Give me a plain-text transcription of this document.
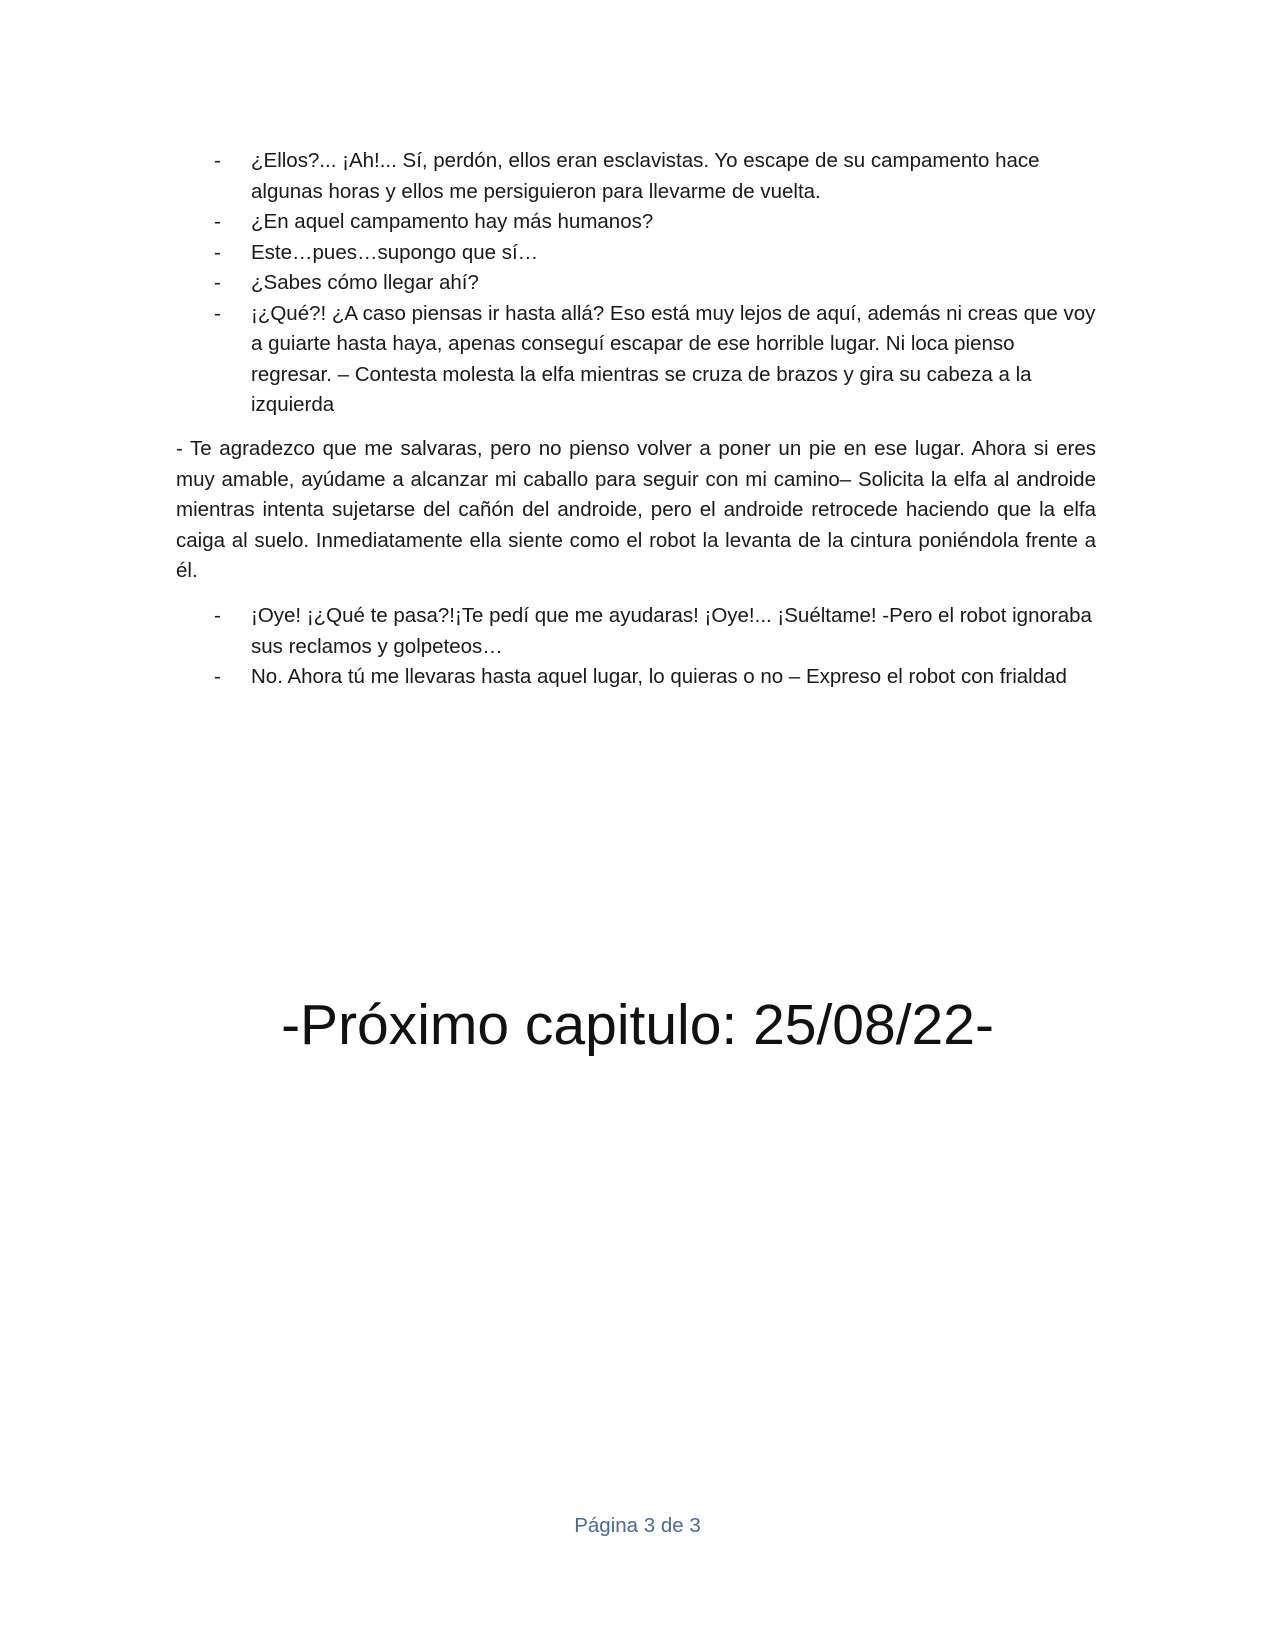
- ¿Ellos?... ¡Ah!... Sí, perdón, ellos eran esclavistas. Yo escape de su campamento hace algunas horas y ellos me persiguieron para llevarme de vuelta.
- ¿En aquel campamento hay más humanos?
- Este…pues…supongo que sí…
- ¿Sabes cómo llegar ahí?
- ¡¿Qué?! ¿A caso piensas ir hasta allá? Eso está muy lejos de aquí, además ni creas que voy a guiarte hasta haya, apenas conseguí escapar de ese horrible lugar. Ni loca pienso regresar. – Contesta molesta la elfa mientras se cruza de brazos y gira su cabeza a la izquierda

- Te agradezco que me salvaras, pero no pienso volver a poner un pie en ese lugar. Ahora si eres muy amable, ayúdame a alcanzar mi caballo para seguir con mi camino– Solicita la elfa al androide mientras intenta sujetarse del cañón del androide, pero el androide retrocede haciendo que la elfa caiga al suelo. Inmediatamente ella siente como el robot la levanta de la cintura poniéndola frente a él.

- ¡Oye! ¡¿Qué te pasa?!¡Te pedí que me ayudaras! ¡Oye!... ¡Suéltame! -Pero el robot ignoraba sus reclamos y golpeteos…
- No. Ahora tú me llevaras hasta aquel lugar, lo quieras o no – Expreso el robot con frialdad
-Próximo capitulo: 25/08/22-
Página 3 de 3
